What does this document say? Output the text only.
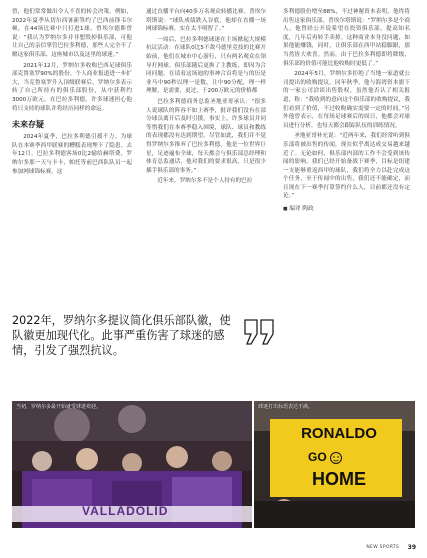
曾，他们常常做出令人不喜的转会决策。例如，2022年夏季从切尔西暑新签约了巴西前锋韦尔顿，在44场比赛中只打进1球。曾埃尔德斯曾说：“我认为罗纳尔多并非想毁掉俱乐部，可他让自己的亲信掌管巴拉多利德，那些人完全不了解这家俱乐部、这座城市以及这里的球迷。”

2021年12月，罗纳尔多收购巴西足球俱乐部克鲁塞罗90%的股份。个人商业报道进一步扩大，当克鲁塞罗升入顶级联赛后，罗纳尔多表示转了自己所持有的俱乐部股份，从中获利约3000万欧元。在巴拉多利德，许多球迷担心他将只支持的球队并将经历同样的命运。

未来存疑

2024年夏季，巴拉多利德引援不力。为球队在本赛季西甲联赛的糟糕表现埋下了隐患。去年12月，巴拉多利德客场0比2输给赫塔费，罗纳尔多那一天与卡卡、帕托等前巴西队队员一起参加网球锦标赛。这

通过直播平台向40多万名观众转播比赛。普埃尔塔斯说：“球队成绩跌入谷底，他却在直播一场网球锦标赛，实在太不明智了。”

一周后，巴拉多利德球迷在主场掀起大规模抗议活动：在球队0比5不敌马德里竞技的比赛开始前，他们在城市中心游行，只有两名观众在领导打网球。俱乐部随后更换了主教练，即因为合同问题，在请看这场迪的事神合首将是与的历是业马中90秒以理一是数，让中90分配，理一样理解，是需要，更过，于200万欧元的价格都

巴拉多利德商务总监圣地亚哥承认：“很多人说球队的阵容不如上赛季，批评我们没有在部分球员离开后及时引援。事实上，许多球员并同等惜我们在本赛季稳入困境，球队、球员和教练的表现都没有达到期望。尽管如此，我们并不觉得罗纳尔多推弃了巴拉多利德。他是一位世界巨星，足迹遍布全球，每天都会与俱乐部总经理和体育总监通话，他对我们的要求很高，只是很少插手俱乐部的事务。”

近年来，罗纳尔多不是个人持有的巴拉

多利德股份增至88%，不过神秘资本表明，他终将出售这家俱乐部。普埃尔塔斯说：“罗纳尔多是个商人，他曾经公开说希望在投资俱乐部，提高知名度，几年后再转手卖掉。这种商业本身没问题，如果他能赚钱，同时，让俱乐部在西甲站稳脚跟，那当然皆大欢喜。然而，由于巴拉多利德即将降级，俱乐部的价值可能比他收购时更低了。”

2024年5月，罗纳尔多拒绝了当地一家道就公司提出的收购提议，同年秋季，他与海湾资本旗下的一家公司洽谈出售股权。虽然他否认了相关报道，称：“我收到的意向这个俱乐部的收购提议，我们看到了价值，不过收购确实需要一定的时间。”另外他曾表示，在每场足球赛后的周日，他都会对球员进行分析，也每天都会跟踪队伍的训练情况。

圣地亚哥补充说：“近两年来，我们经常听到俱乐部将被出售的传闻，现在似乎离达成交易越来越近了。无论如何，俱乐部内部的工作不会受到该传闻的影响。我们已经开始备战下赛季，目标是组建一支能够重返西甲的球队，我们将全力以赴完成这个任务，至于传闻中的出售，我们还不能确定，而且现在下一赛季打算签约什么人，目前都还没有定论。”

◼ 编译 陶政
2022年，罗纳尔多提议简化俱乐部队徽，使队徽更加现代化。此事严重伤害了球迷的感情，引发了强烈抗议。
当初，罗纳尔多最开始就受球迷欢迎。
VALLADOLID
球迷打出标语表达不满。
RONALDO
GO
HOME
NEW SPORTS 39
